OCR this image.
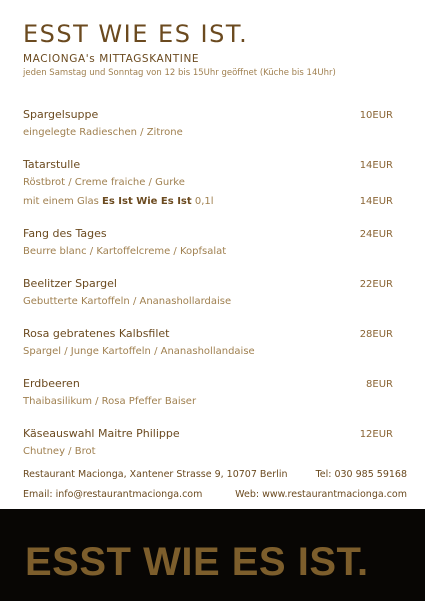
ESST WIE ES IST.
MACIONGA's MITTAGSKANTINE
jeden Samstag und Sonntag von 12 bis 15Uhr geöffnet (Küche bis 14Uhr)
Spargelsuppe	10EUR
eingelegte Radieschen / Zitrone
Tatarstulle	14EUR
Röstbrot / Creme fraiche / Gurke
mit einem Glas Es Ist Wie Es Ist 0,1l	14EUR
Fang des Tages	24EUR
Beurre blanc / Kartoffelcreme / Kopfsalat
Beelitzer Spargel	22EUR
Gebutterte Kartoffeln / Ananashollardaise
Rosa gebratenes Kalbsfilet	28EUR
Spargel / Junge Kartoffeln / Ananashollandaise
Erdbeeren	8EUR
Thaibasilikum / Rosa Pfeffer Baiser
Käseauswahl Maitre Philippe	12EUR
Chutney / Brot
Restaurant Macionga, Xantener Strasse 9, 10707 Berlin	Tel: 030 985 59168
Email: info@restaurantmacionga.com	Web: www.restaurantmacionga.com
ESST WIE ES IST.
